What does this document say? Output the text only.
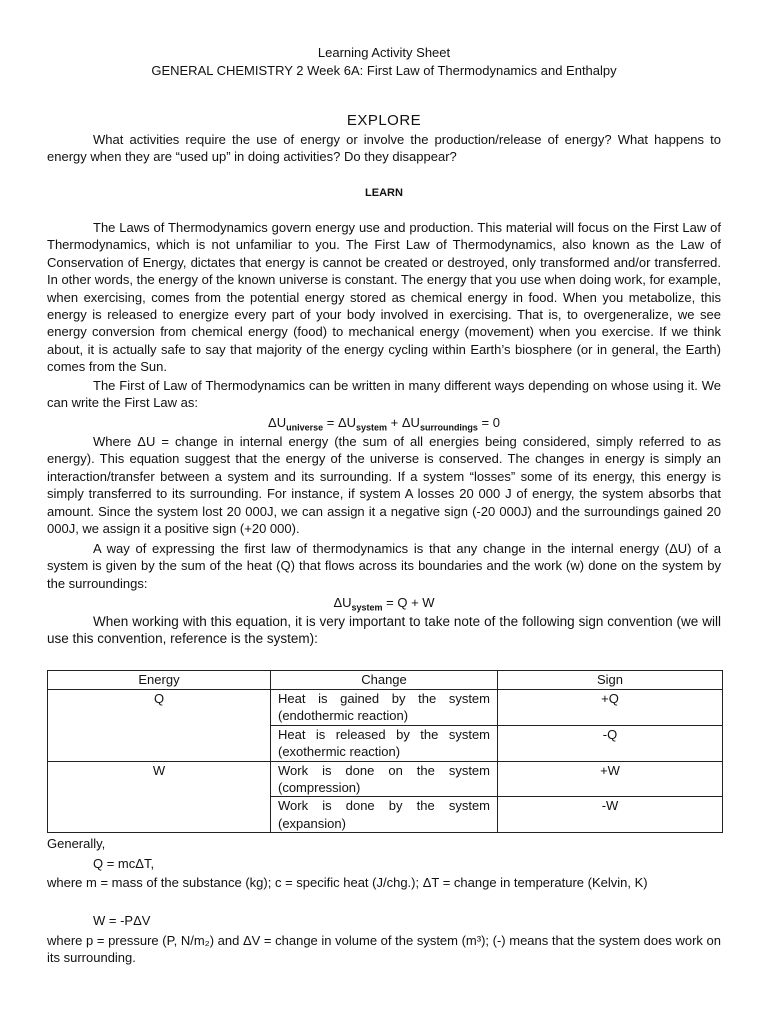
Learning Activity Sheet
GENERAL CHEMISTRY 2 Week 6A: First Law of Thermodynamics and Enthalpy
EXPLORE

What activities require the use of energy or involve the production/release of energy? What happens to energy when they are “used up” in doing activities? Do they disappear?

LEARN

The Laws of Thermodynamics govern energy use and production. This material will focus on the First Law of Thermodynamics, which is not unfamiliar to you. The First Law of Thermodynamics, also known as the Law of Conservation of Energy, dictates that energy is cannot be created or destroyed, only transformed and/or transferred. In other words, the energy of the known universe is constant. The energy that you use when doing work, for example, when exercising, comes from the potential energy stored as chemical energy in food. When you metabolize, this energy is released to energize every part of your body involved in exercising. That is, to overgeneralize, we see energy conversion from chemical energy (food) to mechanical energy (movement) when you exercise. If we think about, it is actually safe to say that majority of the energy cycling within Earth’s biosphere (or in general, the Earth) comes from the Sun.

The First of Law of Thermodynamics can be written in many different ways depending on whose using it. We can write the First Law as:

$\Delta U_{universe} = \Delta U_{system} + \Delta U_{surroundings} = 0$

Where ΔU = change in internal energy (the sum of all energies being considered, simply referred to as energy). This equation suggest that the energy of the universe is conserved. The changes in energy is simply an interaction/transfer between a system and its surrounding. If a system “losses” some of its energy, this energy is simply transferred to its surrounding. For instance, if system A losses 20 000 J of energy, the system absorbs that amount. Since the system lost 20 000J, we can assign it a negative sign (-20 000J) and the surroundings gained 20 000J, we assign it a positive sign (+20 000).

A way of expressing the first law of thermodynamics is that any change in the internal energy (ΔU) of a system is given by the sum of the heat (Q) that flows across its boundaries and the work (w) done on the system by the surroundings:

$\Delta U_{system} = Q + W$

When working with this equation, it is very important to take note of the following sign convention (we will use this convention, reference is the system):

Energy	Change	Sign
Q	Heat is gained by the system (endothermic reaction)	+Q
	Heat is released by the system (exothermic reaction)	-Q
W	Work is done on the system (compression)	+W
	Work is done by the system (expansion)	-W
Generally,
Q = mcΔT,
where m = mass of the substance (kg); c = specific heat (J/chg.); ΔT = change in temperature (Kelvin, K)
W = -PΔV

where p = pressure (P, N/m₂) and ΔV = change in volume of the system (m³); (-) means that the system does work on its surrounding.
